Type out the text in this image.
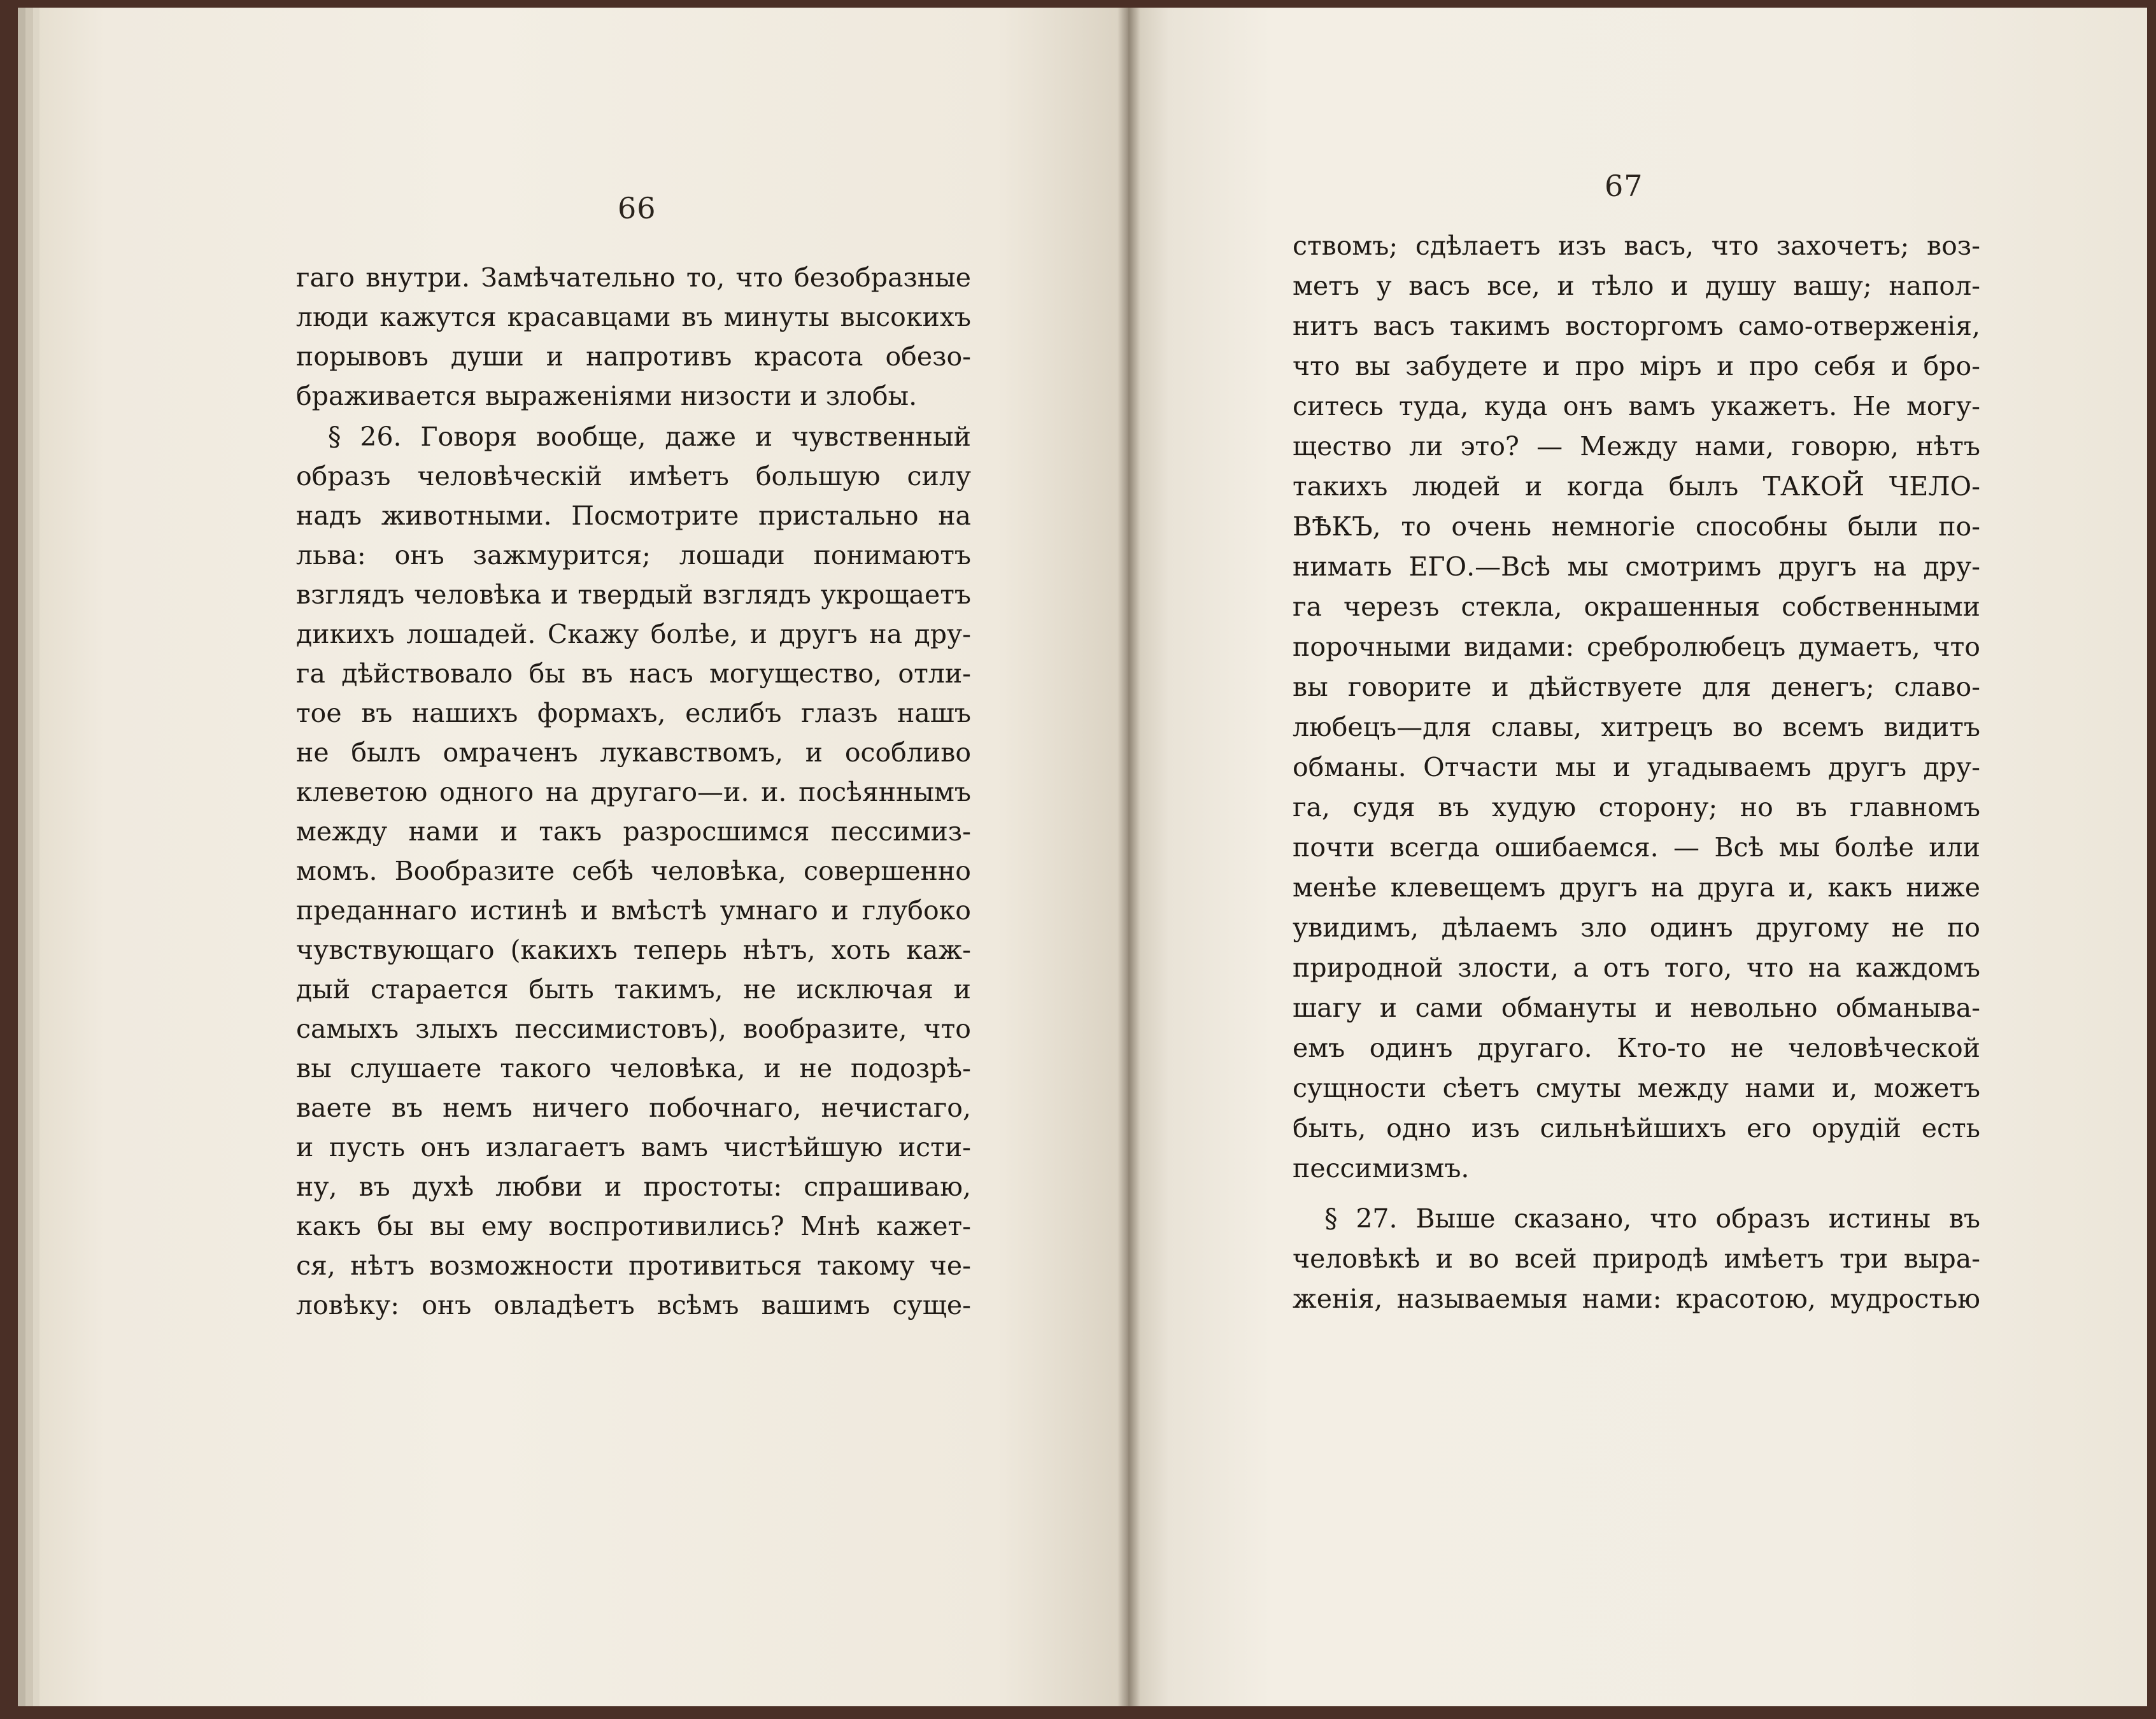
66
67
гаго внутри. Замѣчательно то, что безобразные
люди кажутся красавцами въ минуты высокихъ
порывовъ души и напротивъ красота обезо-
браживается выраженіями низости и злобы.
§ 26. Говоря вообще, даже и чувственный
образъ человѣческій имѣетъ большую силу
надъ животными. Посмотрите пристально на
льва: онъ зажмурится; лошади понимаютъ
взглядъ человѣка и твердый взглядъ укрощаетъ
дикихъ лошадей. Скажу болѣе, и другъ на дру-
га дѣйствовало бы въ насъ могущество, отли-
тое въ нашихъ формахъ, еслибъ глазъ нашъ
не былъ омраченъ лукавствомъ, и особливо
клеветою одного на другаго—и. и. посѣяннымъ
между нами и такъ разросшимся пессимиз-
момъ. Вообразите себѣ человѣка, совершенно
преданнаго истинѣ и вмѣстѣ умнаго и глубоко
чувствующаго (какихъ теперь нѣтъ, хоть каж-
дый старается быть такимъ, не исключая и
самыхъ злыхъ пессимистовъ), вообразите, что
вы слушаете такого человѣка, и не подозрѣ-
ваете въ немъ ничего побочнаго, нечистаго,
и пусть онъ излагаетъ вамъ чистѣйшую исти-
ну, въ духѣ любви и простоты: спрашиваю,
какъ бы вы ему воспротивились? Мнѣ кажет-
ся, нѣтъ возможности противиться такому че-
ловѣку: онъ овладѣетъ всѣмъ вашимъ суще-
ствомъ; сдѣлаетъ изъ васъ, что захочетъ; воз-
метъ у васъ все, и тѣло и душу вашу; напол-
нитъ васъ такимъ восторгомъ само-отверженія,
что вы забудете и про міръ и про себя и бро-
ситесь туда, куда онъ вамъ укажетъ. Не могу-
щество ли это? — Между нами, говорю, нѣтъ
такихъ людей и когда былъ ТАКОЙ ЧЕЛО-
ВѢКЪ, то очень немногіе способны были по-
нимать ЕГО.—Всѣ мы смотримъ другъ на дру-
га черезъ стекла, окрашенныя собственными
порочными видами: сребролюбецъ думаетъ, что
вы говорите и дѣйствуете для денегъ; славо-
любецъ—для славы, хитрецъ во всемъ видитъ
обманы. Отчасти мы и угадываемъ другъ дру-
га, судя въ худую сторону; но въ главномъ
почти всегда ошибаемся. — Всѣ мы болѣе или
менѣе клевещемъ другъ на друга и, какъ ниже
увидимъ, дѣлаемъ зло одинъ другому не по
природной злости, а отъ того, что на каждомъ
шагу и сами обмануты и невольно обманыва-
емъ одинъ другаго. Кто-то не человѣческой
сущности сѣетъ смуты между нами и, можетъ
быть, одно изъ сильнѣйшихъ его орудій есть
пессимизмъ.
§ 27. Выше сказано, что образъ истины въ
человѣкѣ и во всей природѣ имѣетъ три выра-
женія, называемыя нами: красотою, мудростью
